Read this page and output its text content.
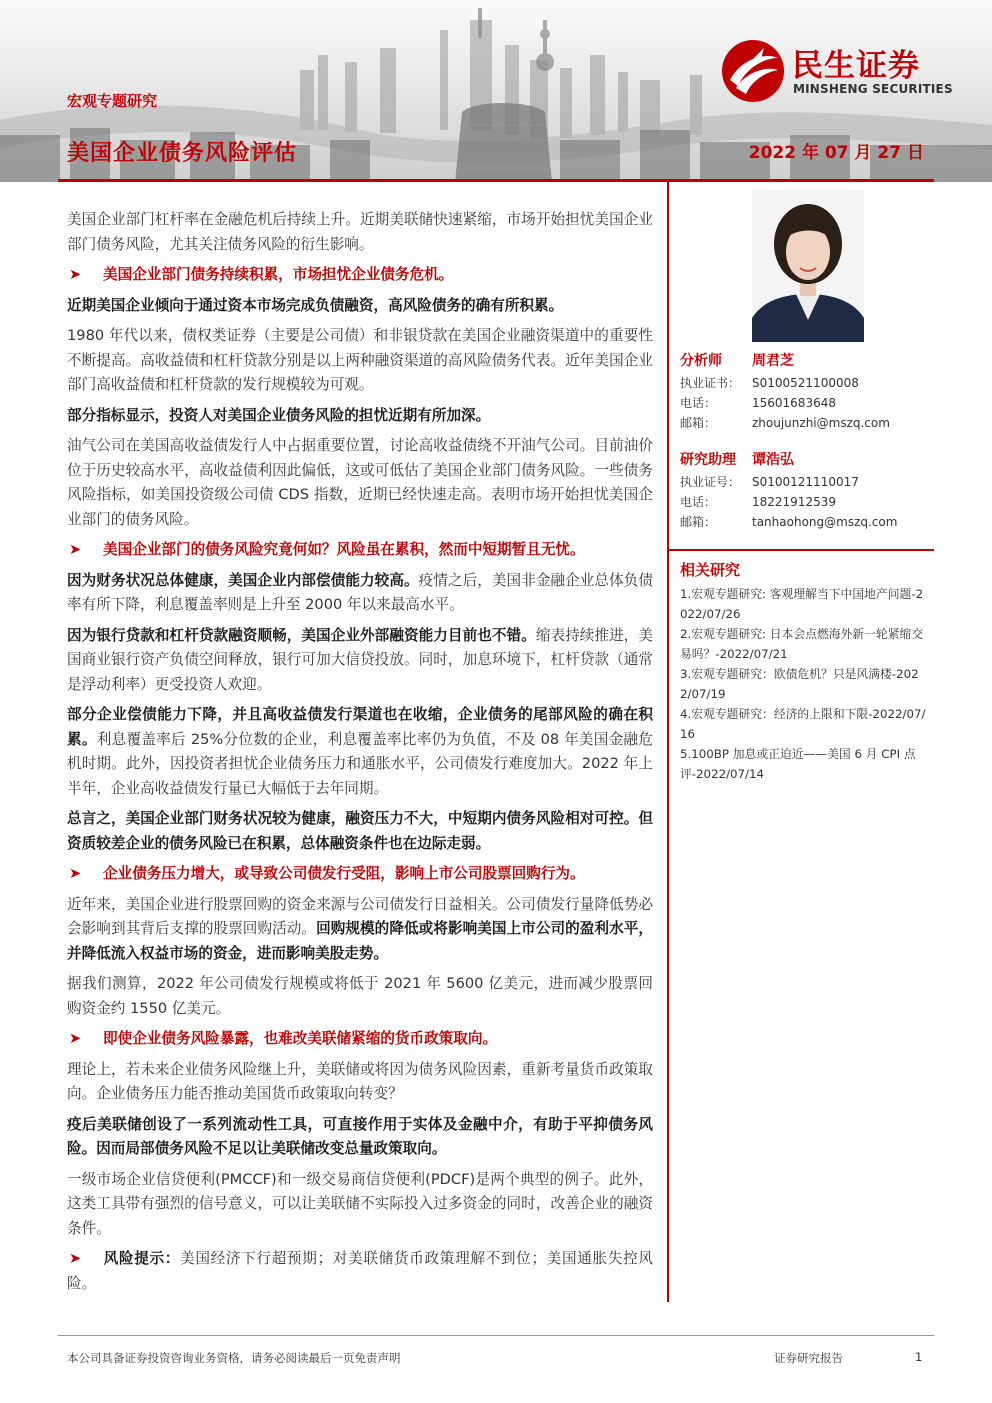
宏观专题研究
美国企业债务风险评估	2022 年 07 月 27 日
民生证券
MINSHENG SECURITIES

美国企业部门杠杆率在金融危机后持续上升。近期美联储快速紧缩，市场开始担忧美国企业部门债务风险，尤其关注债务风险的衍生影响。

➤ 美国企业部门债务持续积累，市场担忧企业债务危机。

近期美国企业倾向于通过资本市场完成负债融资，高风险债务的确有所积累。

1980 年代以来，债权类证券（主要是公司债）和非银贷款在美国企业融资渠道中的重要性不断提高。高收益债和杠杆贷款分别是以上两种融资渠道的高风险债务代表。近年美国企业部门高收益债和杠杆贷款的发行规模较为可观。

部分指标显示，投资人对美国企业债务风险的担忧近期有所加深。

油气公司在美国高收益债发行人中占据重要位置，讨论高收益债绕不开油气公司。目前油价位于历史较高水平，高收益债利因此偏低，这或可低估了美国企业部门债务风险。一些债务风险指标，如美国投资级公司债 CDS 指数，近期已经快速走高。表明市场开始担忧美国企业部门的债务风险。

➤ 美国企业部门的债务风险究竟何如？风险虽在累积，然而中短期暂且无忧。

因为财务状况总体健康，美国企业内部偿债能力较高。疫情之后，美国非金融企业总体负债率有所下降，利息覆盖率则是上升至 2000 年以来最高水平。

因为银行贷款和杠杆贷款融资顺畅，美国企业外部融资能力目前也不错。缩表持续推进，美国商业银行资产负债空间释放，银行可加大信贷投放。同时，加息环境下，杠杆贷款（通常是浮动利率）更受投资人欢迎。

部分企业偿债能力下降，并且高收益债发行渠道也在收缩，企业债务的尾部风险的确在积累。利息覆盖率后 25%分位数的企业，利息覆盖率比率仍为负值，不及 08 年美国金融危机时期。此外，因投资者担忧企业债务压力和通胀水平，公司债发行难度加大。2022 年上半年，企业高收益债发行量已大幅低于去年同期。

总言之，美国企业部门财务状况较为健康，融资压力不大，中短期内债务风险相对可控。但资质较差企业的债务风险已在积累，总体融资条件也在边际走弱。

➤ 企业债务压力增大，或导致公司债发行受阻，影响上市公司股票回购行为。

近年来，美国企业进行股票回购的资金来源与公司债发行日益相关。公司债发行量降低势必会影响到其背后支撑的股票回购活动。回购规模的降低或将影响美国上市公司的盈利水平，并降低流入权益市场的资金，进而影响美股走势。

据我们测算，2022 年公司债发行规模或将低于 2021 年 5600 亿美元，进而减少股票回购资金约 1550 亿美元。

➤ 即使企业债务风险暴露，也难改美联储紧缩的货币政策取向。

理论上，若未来企业债务风险继上升，美联储或将因为债务风险因素，重新考量货币政策取向。企业债务压力能否推动美国货币政策取向转变？

疫后美联储创设了一系列流动性工具，可直接作用于实体及金融中介，有助于平抑债务风险。因而局部债务风险不足以让美联储改变总量政策取向。

一级市场企业信贷便利(PMCCF)和一级交易商信贷便利(PDCF)是两个典型的例子。此外，这类工具带有强烈的信号意义，可以让美联储不实际投入过多资金的同时，改善企业的融资条件。

➤ 风险提示：美国经济下行超预期；对美联储货币政策理解不到位；美国通胀失控风险。

分析师 周君芝
执业证书： S0100521100008
电话：	15601683648
邮箱：	zhoujunzhi@mszq.com
研究助理 谭浩弘
执业证号： S0100121110017
电话：	18221912539
邮箱：	tanhaohong@mszq.com
相关研究
1.宏观专题研究: 客观理解当下中国地产问题-2022/07/26
2.宏观专题研究: 日本会点燃海外新一轮紧缩交易吗？-2022/07/21
3.宏观专题研究：欧债危机？只是风满楼-2022/07/19
4.宏观专题研究：经济的上限和下限-2022/07/16
5.100BP 加息或正迫近——美国 6 月 CPI 点评-2022/07/14
本公司具备证券投资咨询业务资格，请务必阅读最后一页免责声明	证券研究报告	1
